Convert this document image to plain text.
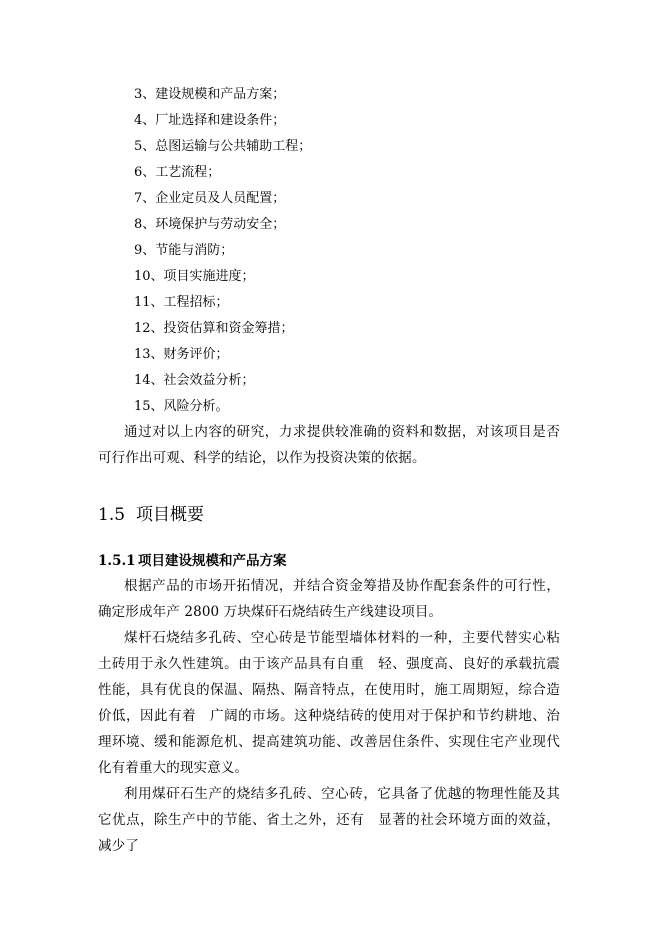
3、建设规模和产品方案；
4、厂址选择和建设条件；
5、总图运输与公共辅助工程；
6、工艺流程；
7、企业定员及人员配置；
8、环境保护与劳动安全；
9、节能与消防；
10、项目实施进度；
11、工程招标；
12、投资估算和资金筹措；
13、财务评价；
14、社会效益分析；
15、风险分析。

通过对以上内容的研究，力求提供较准确的资料和数据，对该项目是否可行作出可观、科学的结论，以作为投资决策的依据。

1.5 项目概要
1.5.1 项目建设规模和产品方案

根据产品的市场开拓情况，并结合资金筹措及协作配套条件的可行性，确定形成年产 2800 万块煤矸石烧结砖生产线建设项目。

煤杆石烧结多孔砖、空心砖是节能型墙体材料的一种，主要代替实心粘土砖用于永久性建筑。由于该产品具有自重　轻、强度高、良好的承载抗震性能，具有优良的保温、隔热、隔音特点，在使用时，施工周期短，综合造价低，因此有着　广阔的市场。这种烧结砖的使用对于保护和节约耕地、治理环境、缓和能源危机、提高建筑功能、改善居住条件、实现住宅产业现代化有着重大的现实意义。

利用煤矸石生产的烧结多孔砖、空心砖，它具备了优越的物理性能及其它优点，除生产中的节能、省土之外，还有　显著的社会环境方面的效益，减少了
